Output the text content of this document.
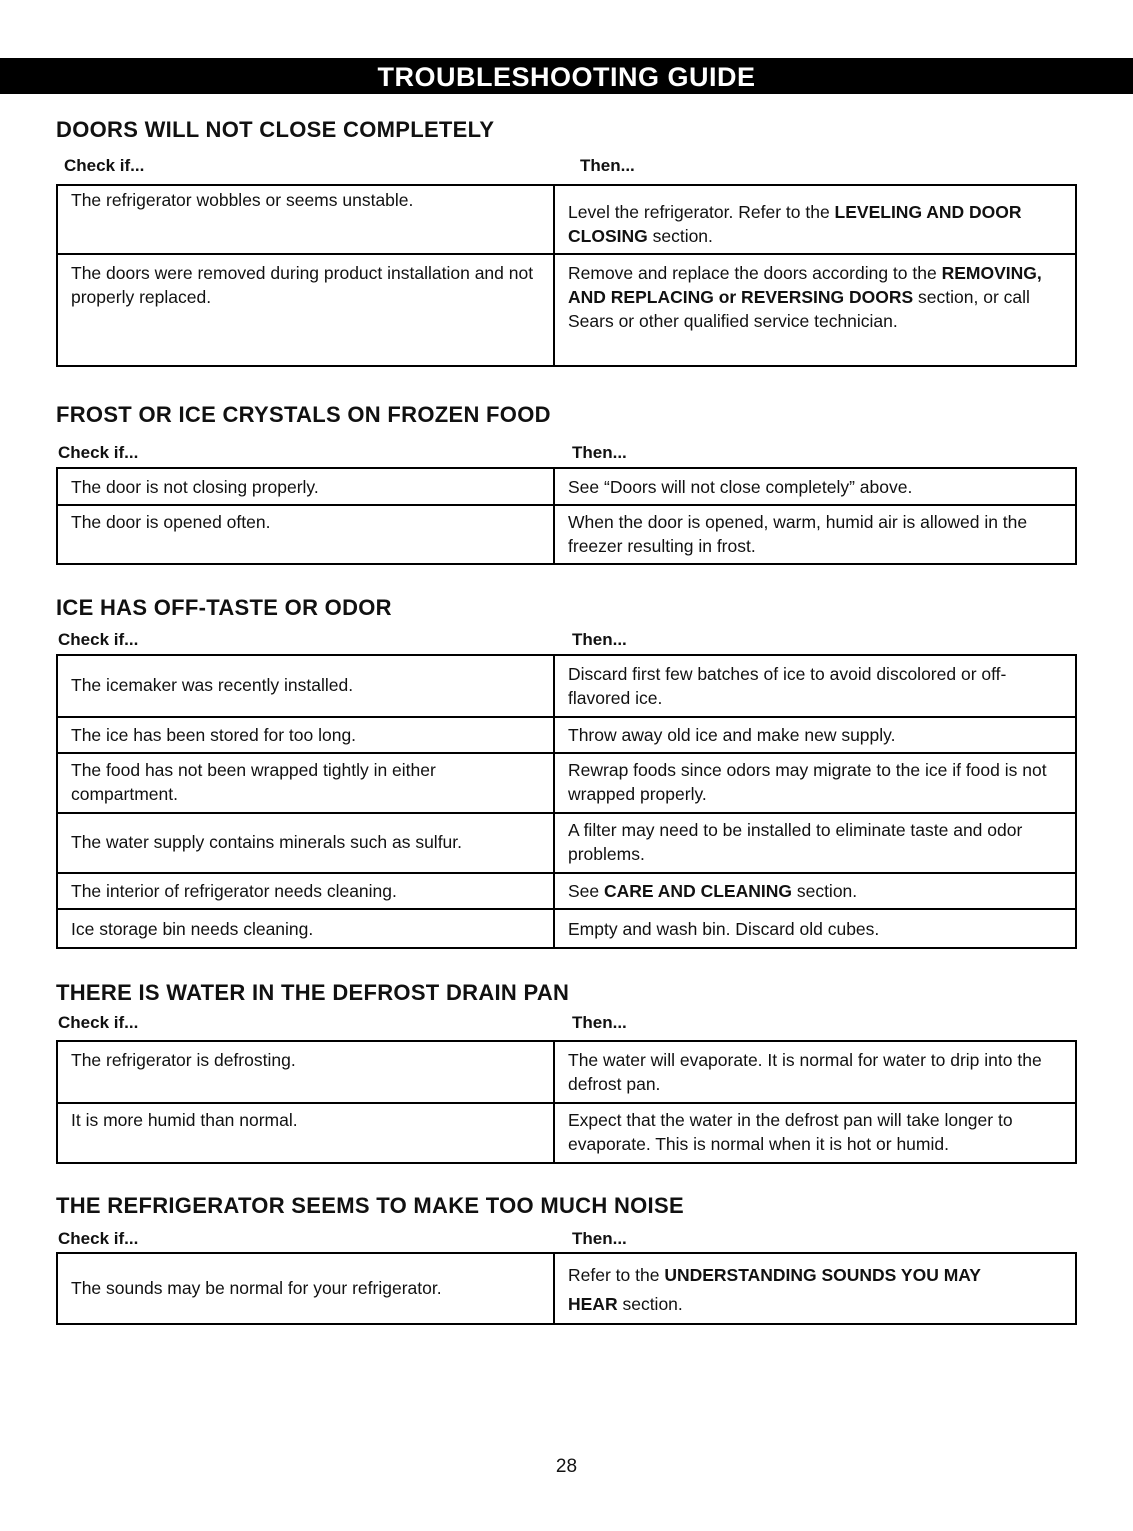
TROUBLESHOOTING GUIDE
DOORS WILL NOT CLOSE COMPLETELY
Check if...	Then...
The refrigerator wobbles or seems unstable.	Level the refrigerator. Refer to the LEVELING AND DOOR CLOSING section.
The doors were removed during product installation and not properly replaced.	Remove and replace the doors according to the REMOVING, AND REPLACING or REVERSING DOORS section, or call Sears or other qualified service technician.
FROST OR ICE CRYSTALS ON FROZEN FOOD
Check if...	Then...
The door is not closing properly.	See “Doors will not close completely” above.
The door is opened often.	When the door is opened, warm, humid air is allowed in the freezer resulting in frost.
ICE HAS OFF-TASTE OR ODOR
Check if...	Then...
The icemaker was recently installed.	Discard first few batches of ice to avoid discolored or off-flavored ice.
The ice has been stored for too long.	Throw away old ice and make new supply.
The food has not been wrapped tightly in either compartment.	Rewrap foods since odors may migrate to the ice if food is not wrapped properly.
The water supply contains minerals such as sulfur.	A filter may need to be installed to eliminate taste and odor problems.
The interior of refrigerator needs cleaning.	See CARE AND CLEANING section.
Ice storage bin needs cleaning.	Empty and wash bin. Discard old cubes.
THERE IS WATER IN THE DEFROST DRAIN PAN
Check if...	Then...
The refrigerator is defrosting.	The water will evaporate. It is normal for water to drip into the defrost pan.
It is more humid than normal.	Expect that the water in the defrost pan will take longer to evaporate. This is normal when it is hot or humid.
THE REFRIGERATOR SEEMS TO MAKE TOO MUCH NOISE
Check if...	Then...
The sounds may be normal for your refrigerator.	Refer to the UNDERSTANDING SOUNDS YOU MAY HEAR section.
28
